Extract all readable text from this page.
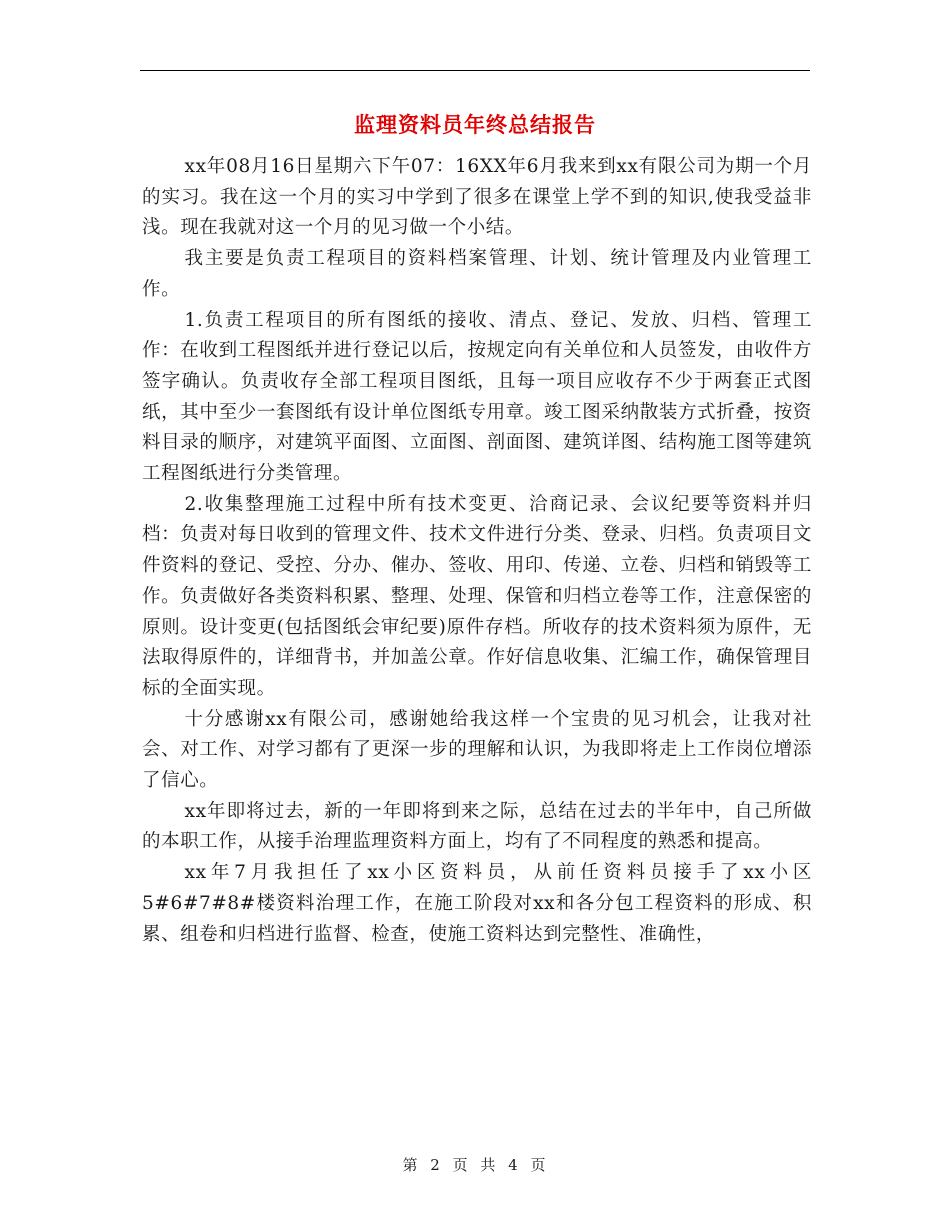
监理资料员年终总结报告

xx年08月16日星期六下午07：16XX年6月我来到xx有限公司为期一个月的实习。我在这一个月的实习中学到了很多在课堂上学不到的知识,使我受益非浅。现在我就对这一个月的见习做一个小结。

我主要是负责工程项目的资料档案管理、计划、统计管理及内业管理工作。

1.负责工程项目的所有图纸的接收、清点、登记、发放、归档、管理工作：在收到工程图纸并进行登记以后，按规定向有关单位和人员签发，由收件方签字确认。负责收存全部工程项目图纸，且每一项目应收存不少于两套正式图纸，其中至少一套图纸有设计单位图纸专用章。竣工图采纳散装方式折叠，按资料目录的顺序，对建筑平面图、立面图、剖面图、建筑详图、结构施工图等建筑工程图纸进行分类管理。

2.收集整理施工过程中所有技术变更、洽商记录、会议纪要等资料并归档：负责对每日收到的管理文件、技术文件进行分类、登录、归档。负责项目文件资料的登记、受控、分办、催办、签收、用印、传递、立卷、归档和销毁等工作。负责做好各类资料积累、整理、处理、保管和归档立卷等工作，注意保密的原则。设计变更(包括图纸会审纪要)原件存档。所收存的技术资料须为原件，无法取得原件的，详细背书，并加盖公章。作好信息收集、汇编工作，确保管理目标的全面实现。

十分感谢xx有限公司，感谢她给我这样一个宝贵的见习机会，让我对社会、对工作、对学习都有了更深一步的理解和认识，为我即将走上工作岗位增添了信心。

xx年即将过去，新的一年即将到来之际，总结在过去的半年中，自己所做的本职工作，从接手治理监理资料方面上，均有了不同程度的熟悉和提高。

xx年7月我担任了xx小区资料员，从前任资料员接手了xx小区5#6#7#8#楼资料治理工作，在施工阶段对xx和各分包工程资料的形成、积累、组卷和归档进行监督、检查，使施工资料达到完整性、准确性，

第 2 页 共 4 页
